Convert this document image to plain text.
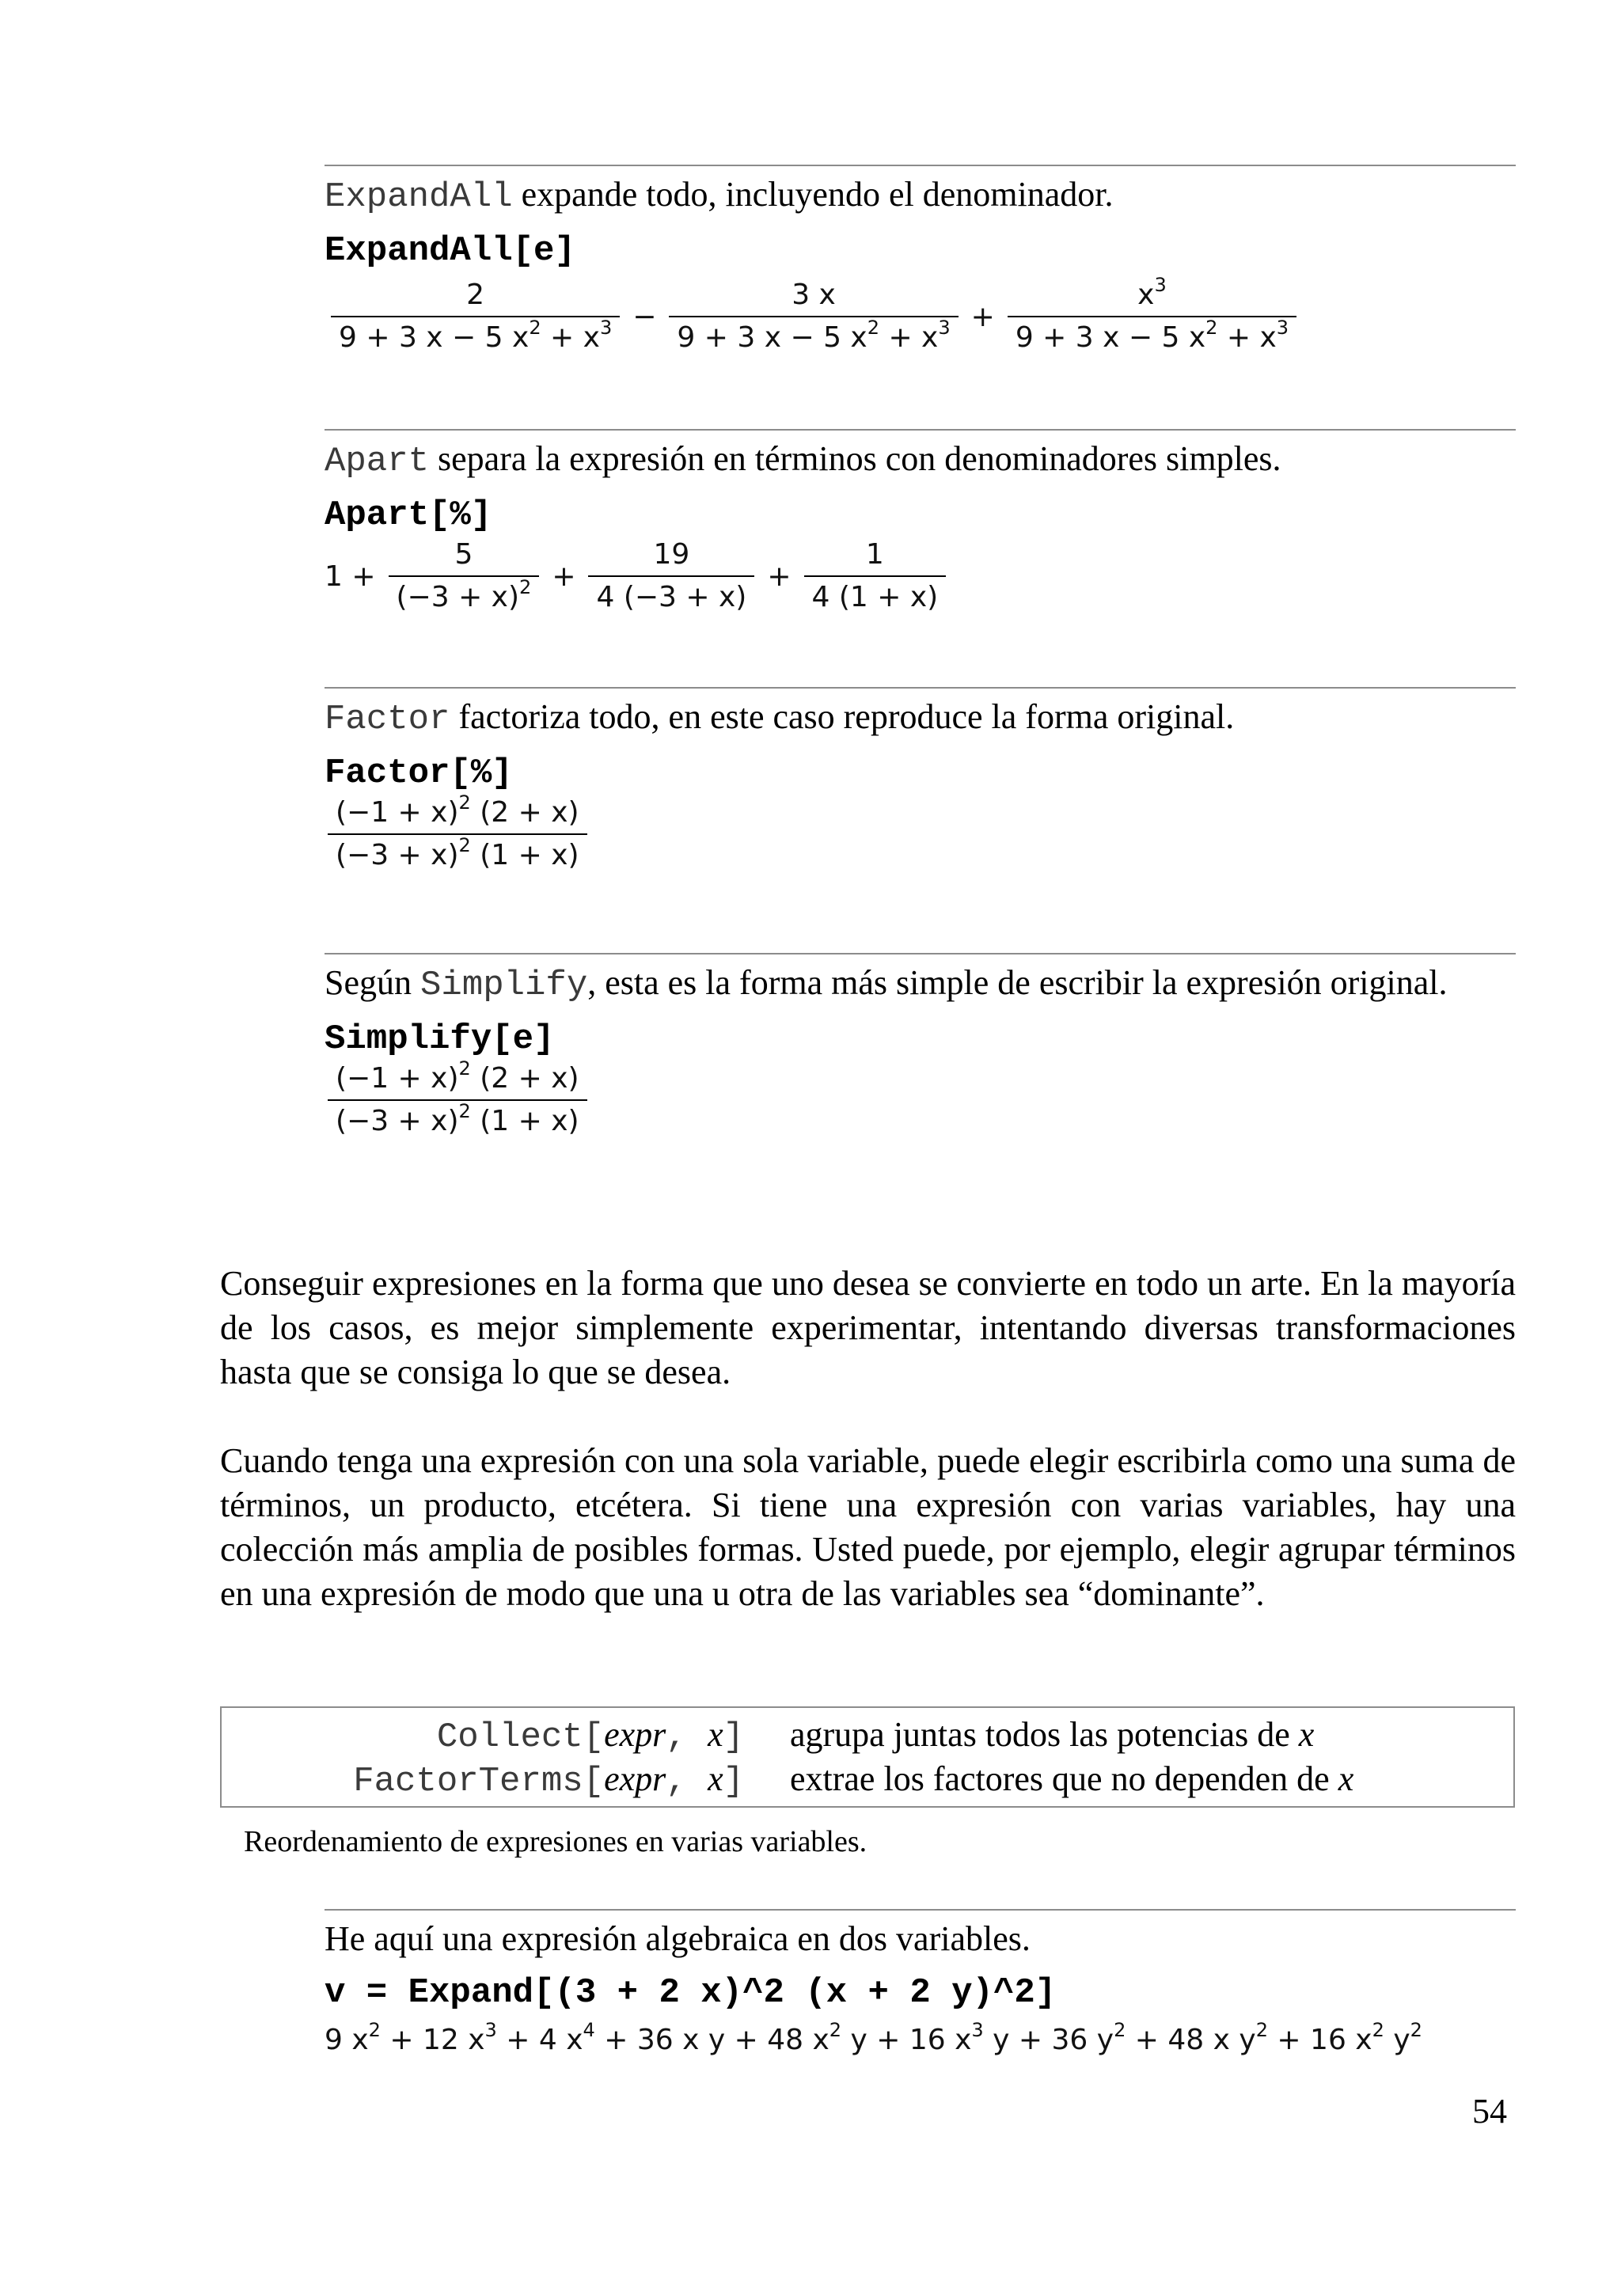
ExpandAll expande todo, incluyendo el denominador.
ExpandAll[e]
$\frac{2}{9 + 3 x - 5 x^2 + x^3} - \frac{3 x}{9 + 3 x - 5 x^2 + x^3} + \frac{x^3}{9 + 3 x - 5 x^2 + x^3}$
Apart separa la expresión en términos con denominadores simples.
Apart[%]
$1 + \frac{5}{(-3 + x)^2} + \frac{19}{4 (-3 + x)} + \frac{1}{4 (1 + x)}$
Factor factoriza todo, en este caso reproduce la forma original.
Factor[%]
$\frac{(-1 + x)^2 (2 + x)}{(-3 + x)^2 (1 + x)}$
Según Simplify, esta es la forma más simple de escribir la expresión original.
Simplify[e]
$\frac{(-1 + x)^2 (2 + x)}{(-3 + x)^2 (1 + x)}$

Conseguir expresiones en la forma que uno desea se convierte en todo un arte. En la mayoría de los casos, es mejor simplemente experimentar, intentando diversas transformaciones hasta que se consiga lo que se desea.

Cuando tenga una expresión con una sola variable, puede elegir escribirla como una suma de términos, un producto, etcétera. Si tiene una expresión con varias variables, hay una colección más amplia de posibles formas. Usted puede, por ejemplo, elegir agrupar términos en una expresión de modo que una u otra de las variables sea “dominante”.

Collect[expr, x] agrupa juntas todos las potencias de x
FactorTerms[expr, x] extrae los factores que no dependen de x
Reordenamiento de expresiones en varias variables.
He aquí una expresión algebraica en dos variables.
v = Expand[(3 + 2 x)^2 (x + 2 y)^2]
9 $x^2 + 12$ $x^3 + 4$ $x^4 + 36$ x y + 48 $x^2$ y + 16 $x^3$ y + 36 $y^2 + 48$ x $y^2 + 16$ $x^2$ $y^2$
54
